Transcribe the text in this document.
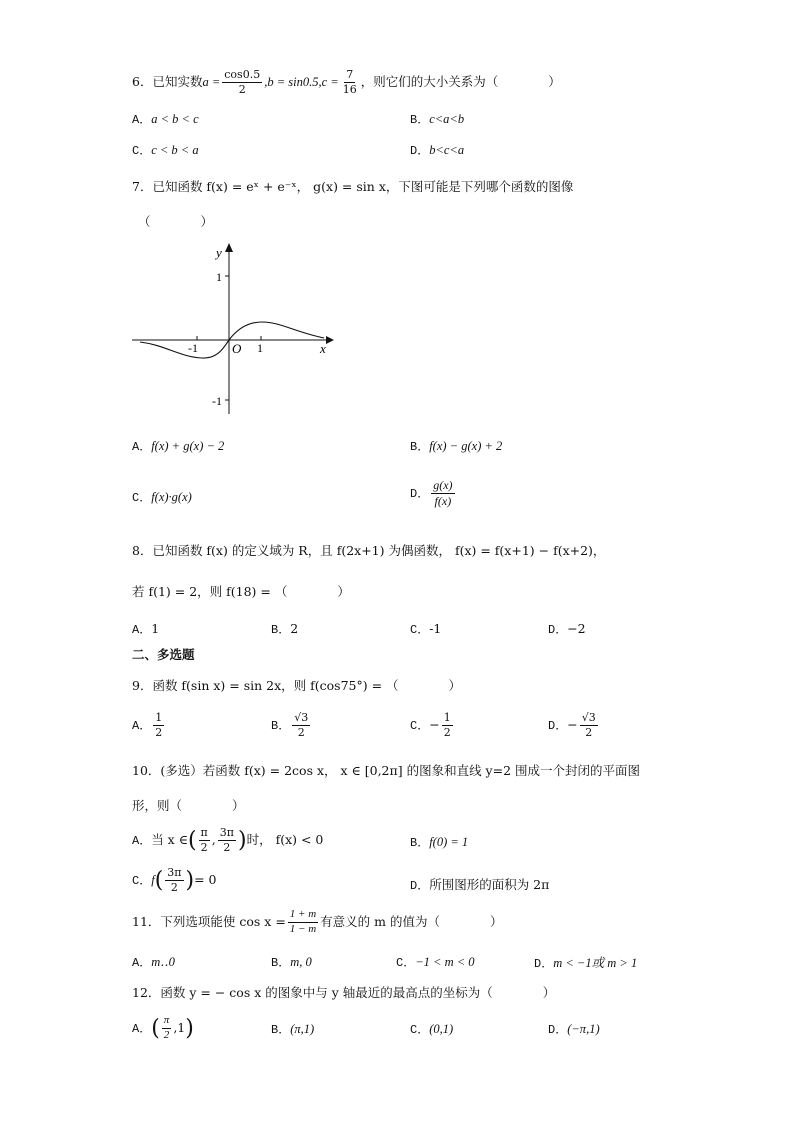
6．已知实数$a = \frac{\cos 0.5}{2} ,b = \sin 0.5,c = \frac{7}{16}$ ，则它们的大小关系为（　　　　）
A．a < b < c	B．c<a<b
C．c < b < a	D．b<c<a
7．已知函数 f(x) = eˣ + e⁻ˣ， g(x) = sin x，下图可能是下列哪个函数的图像
（　　　　）
y
x
O
1
-1
-1	1
A．f(x) + g(x) − 2	B．f(x) − g(x) + 2
C．f(x)·g(x)	D． $\frac{g(x)}{f(x)}$
8．已知函数 f(x) 的定义域为 R，且 f(2x+1) 为偶函数， f(x) = f(x+1) − f(x+2)，
若 f(1) = 2，则 f(18) = （　　　　）
A．1	B．2	C．-1	D．−2
二、多选题
9．函数 f(sin x) = sin 2x，则 f(cos75°) = （　　　　）
A． $\frac{1}{2}$	B． $\frac{√3}{2}$	C．− $\frac{1}{2}$	D．− $\frac{√3}{2}$
10．(多选）若函数 f(x) = 2cos x， x ∈ [0,2π] 的图象和直线 y=2 围成一个封闭的平面图
形，则（　　　　）
A．当 x ∈( $\frac{\pi}{2}$ , $\frac{3\pi}{2}$ )时， f(x) < 0	B．f(0) = 1
C．$f( \frac{3\pi}{2}$ )= 0	D．所围图形的面积为 2π
11．下列选项能使 $\cos x = \frac{1 + m}{1 - m}$ 有意义的 m 的值为（　　　　）
A．m‥0	B．m, 0	C．−1 < m < 0	D．m < −1或 m > 1
12．函数 y = − cos x 的图象中与 y 轴最近的最高点的坐标为（　　　　）
A．( $\frac{\pi}{2} ,1$)	B．(π,1)	C．(0,1)	D．(−π,1)
